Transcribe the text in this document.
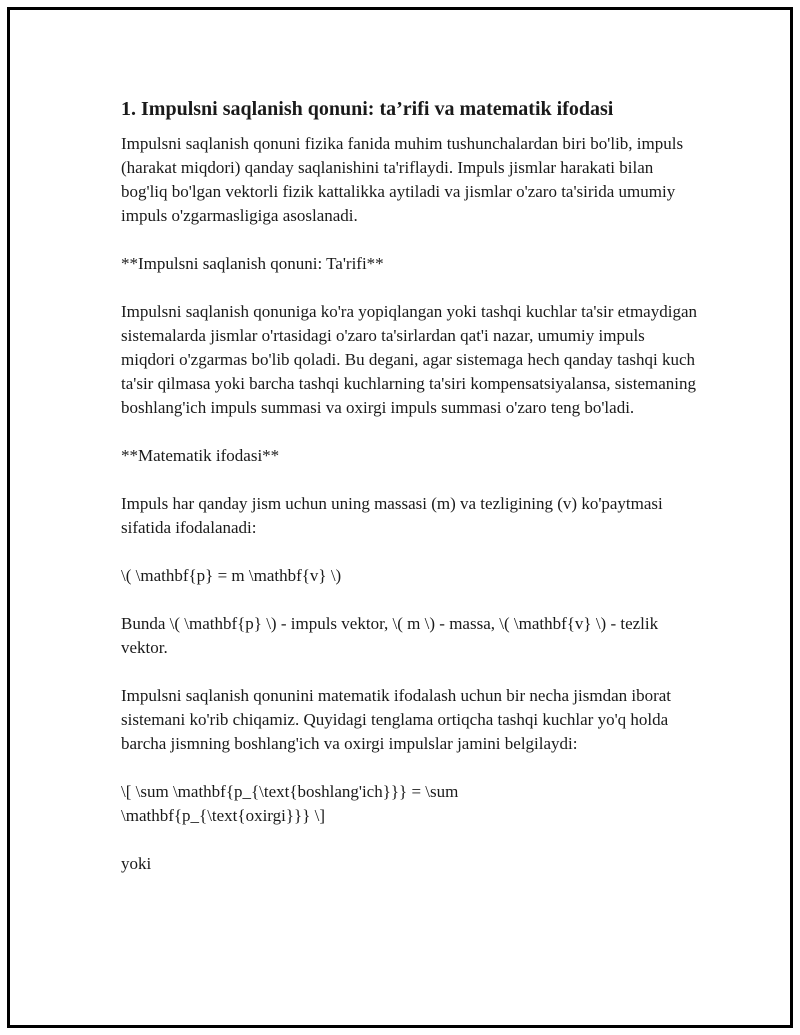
1. Impulsni saqlanish qonuni: ta’rifi va matematik ifodasi

Impulsni saqlanish qonuni fizika fanida muhim tushunchalardan biri bo'lib, impuls (harakat miqdori) qanday saqlanishini ta'riflaydi. Impuls jismlar harakati bilan bog'liq bo'lgan vektorli fizik kattalikka aytiladi va jismlar o'zaro ta'sirida umumiy impuls o'zgarmasligiga asoslanadi.

**Impulsni saqlanish qonuni: Ta'rifi**

Impulsni saqlanish qonuniga ko'ra yopiqlangan yoki tashqi kuchlar ta'sir etmaydigan sistemalarda jismlar o'rtasidagi o'zaro ta'sirlardan qat'i nazar, umumiy impuls miqdori o'zgarmas bo'lib qoladi. Bu degani, agar sistemaga hech qanday tashqi kuch ta'sir qilmasa yoki barcha tashqi kuchlarning ta'siri kompensatsiyalansa, sistemaning boshlang'ich impuls summasi va oxirgi impuls summasi o'zaro teng bo'ladi.

**Matematik ifodasi**

Impuls har qanday jism uchun uning massasi (m) va tezligining (v) ko'paytmasi sifatida ifodalanadi:

\( \mathbf{p} = m \mathbf{v} \)

Bunda \( \mathbf{p} \) - impuls vektor, \( m \) - massa, \( \mathbf{v} \) - tezlik vektor.

Impulsni saqlanish qonunini matematik ifodalash uchun bir necha jismdan iborat sistemani ko'rib chiqamiz. Quyidagi tenglama ortiqcha tashqi kuchlar yo'q holda barcha jismning boshlang'ich va oxirgi impulslar jamini belgilaydi:

\[ \sum \mathbf{p_{\text{boshlang'ich}}} = \sum \mathbf{p_{\text{oxirgi}}} \]

yoki
